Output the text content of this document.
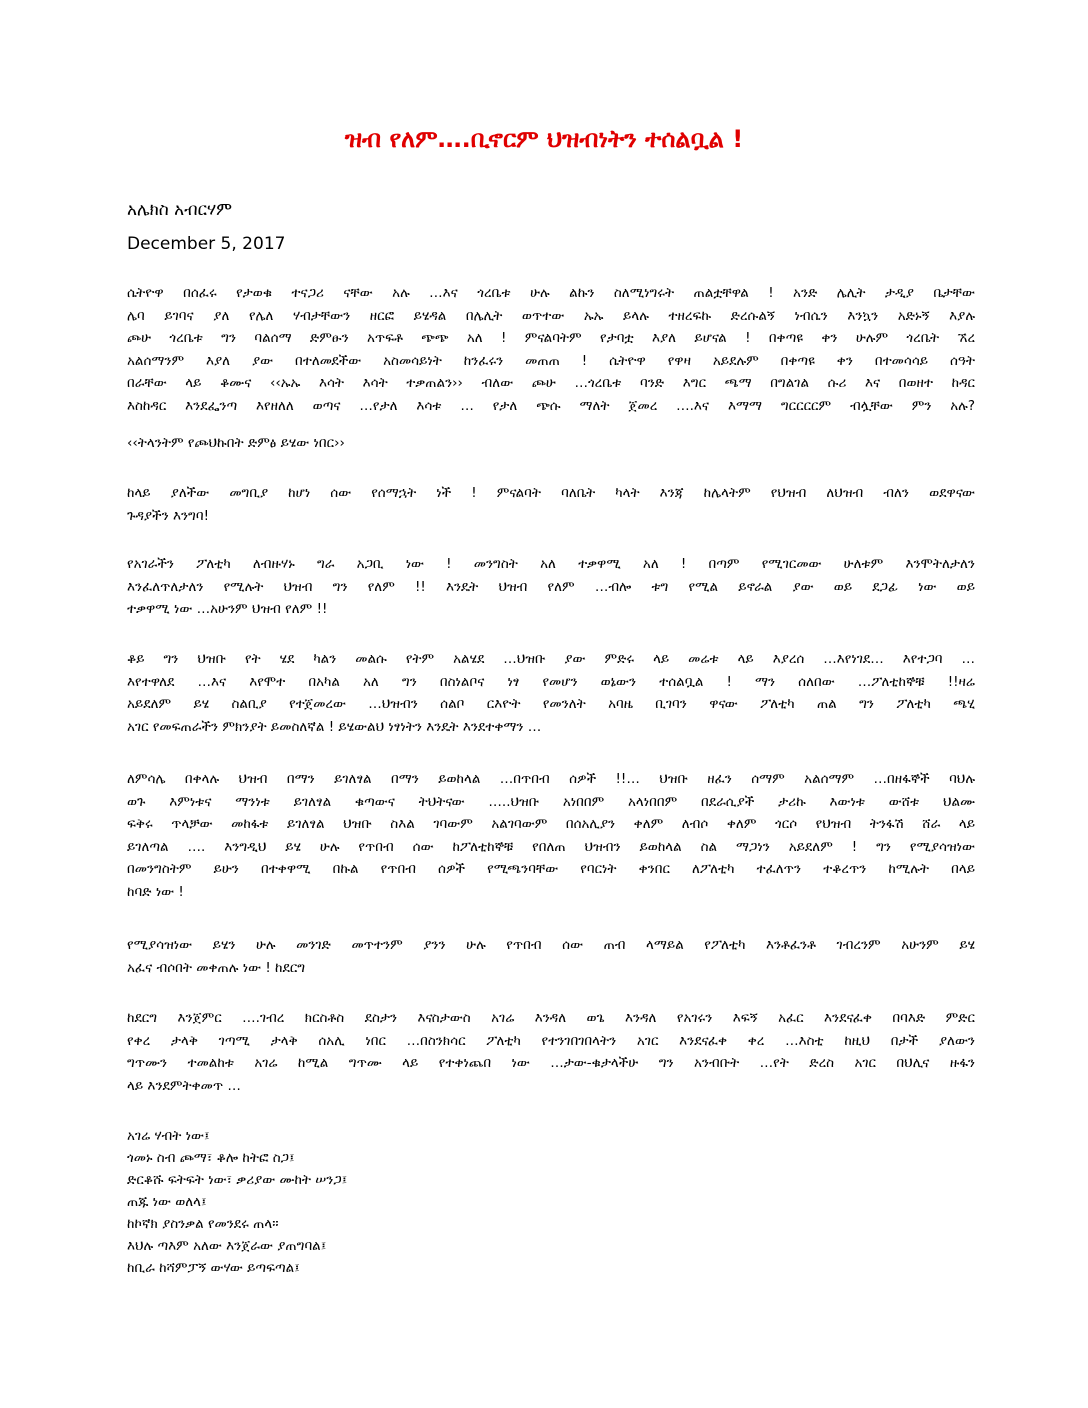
ዝብ የለም….ቢኖርም ህዝብነትን ተሰልቧል !
አሌክስ አብርሃም
December 5, 2017
ሴትዮዋ በሰፈሩ የታወቁ ተናጋሪ ናቸው አሉ …እና ጎረቤቱ ሁሉ ልኩን ስለሚነግሩት ጠልቷቸዋል ! አንድ ሌሊት ታዲያ ቤታቸው
ሌባ ይገባና ያለ የሌለ ሃብታቸውን ዘርፎ ይሄዳል በሌሊት ወጥተው ኡኡ ይላሉ ተዘረፍኩ ድረሱልኝ ነብሴን እንኳን አድኑኝ እያሉ
ጮሁ ጎረቤቱ ግን ባልሰማ ድምፁን አጥፍቶ ጭጭ አለ ! ምናልባትም የታባቷ እያለ ይሆናል ! በቀጣዩ ቀን ሁሉም ጎረቤት ኧረ
አልሰማንም እያለ ያው በተለመደችው አስመሳይነት ከንፈሩን መጠጠ ! ሴትዮዋ የዋዛ አይደሉም በቀጣዩ ቀን በተመሳሳይ ሰዓት
በራቸው ላይ ቆሙና ‹‹ኡኡ እሳት እሳት ተቃጠልን›› ብለው ጮሁ …ጎረቤቱ ባንድ እግር ጫማ በግልገል ሱሪ እና በወዘተ ከዳር
እስከዳር እንደፌንጣ እየዘለለ ወጣና …የታለ እሳቱ … የታለ ጭሱ ማለት ጀመረ ….እና እማማ ግርርርርም ብሏቸው ምን አሉ?
‹‹ትላንትም የጮህኩበት ድምፅ ይሄው ነበር››
ከላይ ያለችው መግቢያ ከሆነ ሰው የሰማኋት ነች ! ምናልባት ባለቤት ካላት እንጃ ከሌላትም የህዝብ ለህዝብ ብለን ወደዋናው
ጉዳያችን እንግባ!
የአገራችን ፖለቲካ ለብዙሃኑ ግራ አጋቢ ነው ! መንግስት አለ ተቃዋሚ አለ ! በጣም የሚገርመው ሁለቱም እንሞትለታለን
እንፈለጥለታለን የሚሉት ህዝብ ግን የለም !! እንዴት ህዝብ የለም …ብሎ ቱግ የሚል ይኖራል ያው ወይ ደጋፊ ነው ወይ
ተቃዋሚ ነው …አሁንም ህዝብ የለም !!
ቆይ ግን ህዝቡ የት ሄደ ካልን መልሱ የትም አልሄደ …ህዝቡ ያው ምድሩ ላይ መሬቱ ላይ እያረሰ …እየነገደ… እየተጋባ …
እየተዋለደ …እና እየሞተ በአካል አለ ግን በስነልቦና ነፃ የመሆን ወኔውን ተሰልቧል ! ማን ሰለበው …ፖለቲከኞቹ !!ዛሬ
አይደለም ይሄ ስልቢያ የተጀመረው …ህዝብን ሰልቦ ርእዮት የመንለት አባዜ ቢገባን ዋናው ፖለቲካ ጠል ግን ፖለቲካ ጫሂ
አገር የመፍጠራችን ምክንያት ይመስለኛል ! ይሄውልህ ነፃነትን እንዴት እንደተቀማን …
ለምሳሌ በቀላሉ ህዝብ በማን ይገለፃል በማን ይወከላል …በጥበብ ሰዎች !!… ህዝቡ ዘፈን ሰማም አልሰማም …በዘፋኞች ባህሉ
ወጉ እምነቱና ማንነቱ ይገለፃል ቁጣውና ትህትናው …..ህዝቡ አነበበም አላነበበም በደራሲያች ታሪኩ እውነቱ ውሸቱ ህልሙ
ፍቅሩ ጥላቻው መከፋቱ ይገለፃል ህዝቡ ስእል ገባውም አልገባውም በሰአሊያን ቀለም ለብሶ ቀለም ጎርሶ የህዝብ ትንፋሽ ሸራ ላይ
ይገለጣል …. እንግዲህ ይሄ ሁሉ የጥበብ ሰው ከፖለቲከኞቹ የበለጠ ህዝብን ይወከላል ስል ማጋነን አይደለም ! ግን የሚያሳዝነው
በመንግስትም ይሁን በተቀዋሚ በኩል የጥበብ ሰዎች የሚጫንባቸው የባርነት ቀንበር ለፖለቲካ ተፈለጥን ተቆረጥን ከሚሉት በላይ
ከባድ ነው !
የሚያሳዝነው ይሄን ሁሉ መንገድ መጥተንም ያንን ሁሉ የጥበብ ሰው ጠብ ላማይል የፖለቲካ እንቶፈንቶ ገብረንም አሁንም ይሄ
አፈና ብሶበት መቀጠሉ ነው ! ከደርግ
ከደርግ እንጀምር ….ገብረ ክርስቶስ ደስታን እናስታውስ አገሬ እንዳለ ወጌ እንዳለ የአገሩን እፍኝ አፈር እንደናፈቀ በባእድ ምድር
የቀረ ታላቅ ገጣሚ ታላቅ ሰአሊ ነበር …በስንክሳር ፖለቲካ የተንገበገበላትን አገር እንደናፈቀ ቀረ …እስቲ ከዚህ በታች ያለውን
ግጥሙን ተመልከቱ አገሬ ከሚል ግጥሙ ላይ የተቀነጨበ ነው …ታው-ቁታላችሁ ግን አንብቡት …የት ድረስ አገር በህሊና ዙፋን
ላይ እንደምትቀመጥ …
አገሬ ሃብት ነው፤
ጎመኑ ስብ ጮማ፣ ቆሎ ከትፎ ስጋ፤
ድርቆሹ ፍትፍት ነው፣ ቃሪያው ሙከት ሠንጋ፤
ጠጁ ነው ወለላ፤
ከኮኛክ ያስንቃል የመንደሩ ጠላ።
እህሉ ጣእም አለው እንጀራው ያጠግባል፤
ከቢራ ከሻምፓኝ ውሃው ይጣፍጣል፤
